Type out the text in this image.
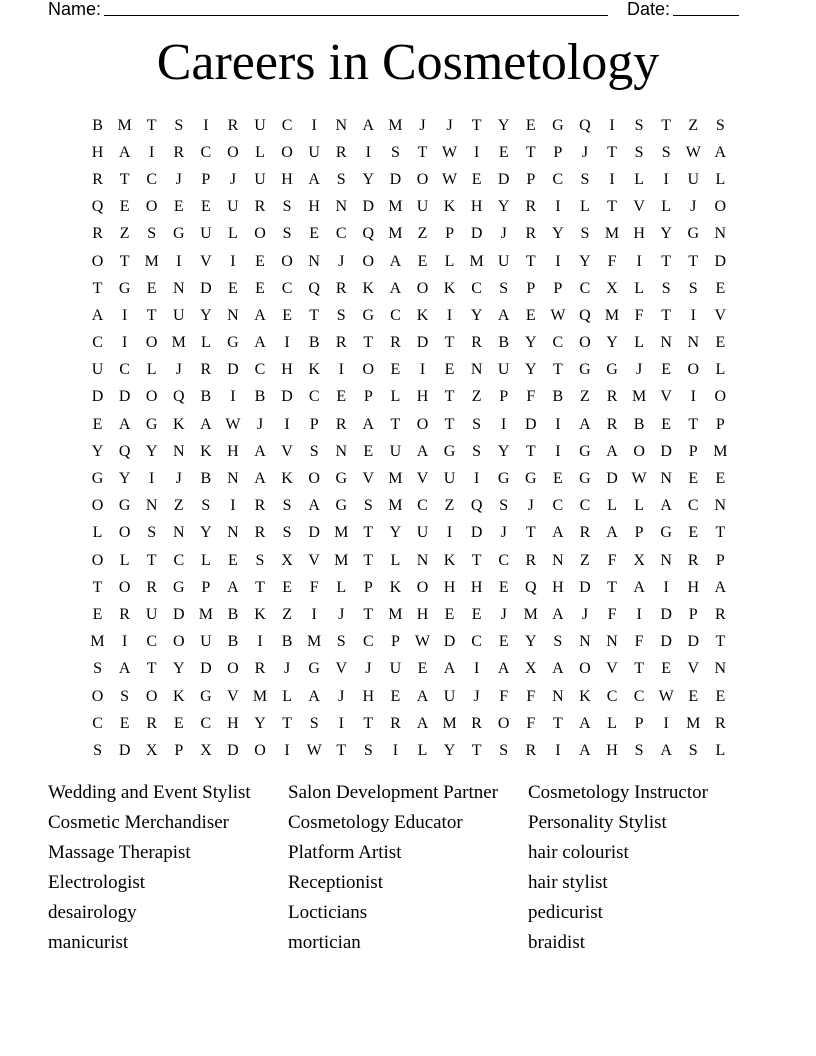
Name:	Date:
Careers in Cosmetology
B M T	S	I	R U C	I	N A M	J	J	T	Y	E	G Q	I	S	T	Z	S
H A	I	R	C O	L	O U R	I	S	T W	I	E	T	P	J	T	S	S W A
R	T	C	J	P	J	U H A	S	Y D O W E	D	P	C	S	I	L	I	U	L
Q	E	O	E	E	U R	S	H N D M U K H Y R	I	L	T	V	L	J	O
R	Z	S	G U	L	O	S	E	C Q M Z	P	D	J	R Y	S M H Y G N
O	T M	I	V	I	E	O N	J	O A	E	L M U	T	I	Y	F	I	T	T	D
T	G	E	N D	E	E	C Q R K A O K C	S	P	P	C X	L	S	S	E
A	I	T	U Y N A	E	T	S	G C K	I	Y A	E W Q M F	T	I	V
C	I	O M L	G A	I	B	R	T	R D	T	R	B Y C O Y	L	N N	E
U C	L	J	R D C H K	I	O	E	I	E	N U Y	T	G G	J	E	O	L
D D O Q B	I	B D C	E	P	L	H	T	Z	P	F	B	Z	R M V	I	O
E	A G K A W	J	I	P	R A	T	O	T	S	I	D	I	A R	B	E	T	P
Y Q Y N K H A V	S	N	E	U A G	S	Y	T	I	G A O D	P M
G Y	I	J	B N A K O G V M V U	I	G G	E	G D W N	E	E
O G N	Z	S	I	R	S	A G	S M C	Z	Q	S	J	C	C	L	L	A C N
L	O	S	N Y N R	S	D M T	Y U	I	D	J	T	A R A	P	G	E	T
O	L	T	C	L	E	S	X V M T	L	N K	T	C	R N	Z	F	X N R	P
T	O R G	P	A	T	E	F	L	P	K O H H	E	Q H D	T	A	I	H A
E	R U D M B K	Z	I	J	T M H	E	E	J	M A	J	F	I	D	P	R
M	I	C O U B	I	B M S	C	P W D C	E	Y	S	N N	F	D D	T
S	A	T	Y D O R	J	G V	J	U	E	A	I	A X A O V	T	E	V N
O	S	O K G V M L	A	J	H	E	A U	J	F	F	N K C	C W E	E
C	E	R	E	C H Y	T	S	I	T	R A M R O	F	T	A	L	P	I	M R
S	D X	P	X D O	I	W T	S	I	L	Y	T	S	R	I	A H	S	A	S	L
Wedding and Event Stylist	Salon Development Partner	Cosmetology Instructor
Cosmetic Merchandiser	Cosmetology Educator	Personality Stylist
Massage Therapist	Platform Artist	hair colourist
Electrologist	Receptionist	hair stylist
desairology	Locticians	pedicurist
manicurist	mortician	braidist
